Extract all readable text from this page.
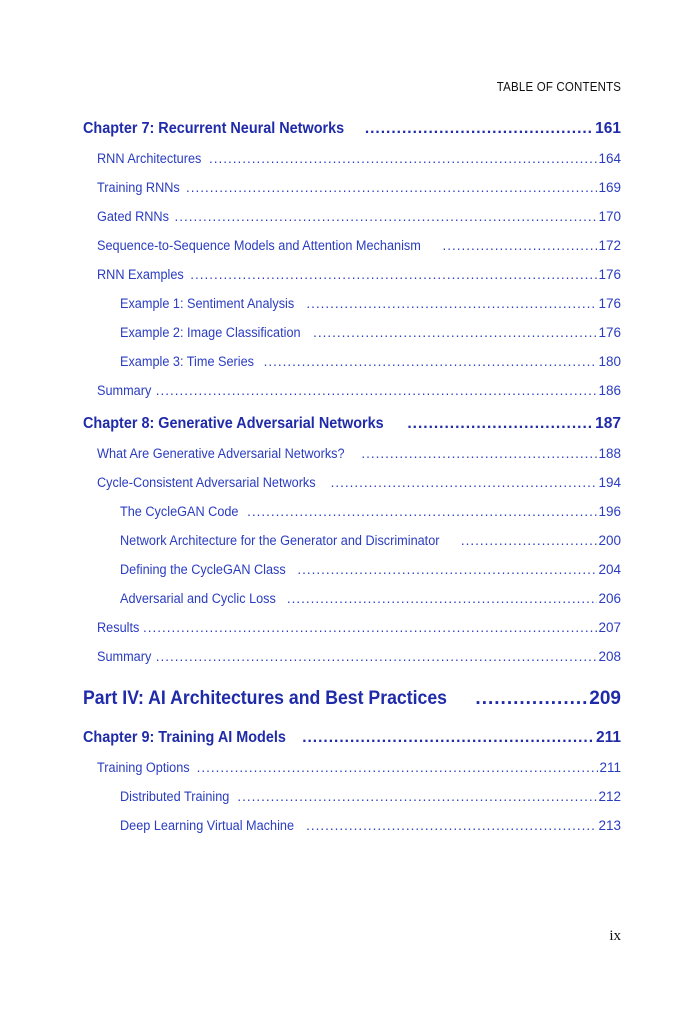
TABLE OF CONTENTS
Chapter 7: Recurrent Neural Networks .....	161
RNN Architectures .....	164
Training RNNs .....	169
Gated RNNs .....	170
Sequence-to-Sequence Models and Attention Mechanism .....	172
RNN Examples .....	176
Example 1: Sentiment Analysis .....	176
Example 2: Image Classification .....	176
Example 3: Time Series .....	180
Summary .....	186
Chapter 8: Generative Adversarial Networks .....	187
What Are Generative Adversarial Networks? .....	188
Cycle-Consistent Adversarial Networks .....	194
The CycleGAN Code .....	196
Network Architecture for the Generator and Discriminator .....	200
Defining the CycleGAN Class .....	204
Adversarial and Cyclic Loss .....	206
Results .....	207
Summary .....	208
Part IV: AI Architectures and Best Practices .....	209
Chapter 9: Training AI Models .....	211
Training Options .....	211
Distributed Training .....	212
Deep Learning Virtual Machine .....	213
ix
